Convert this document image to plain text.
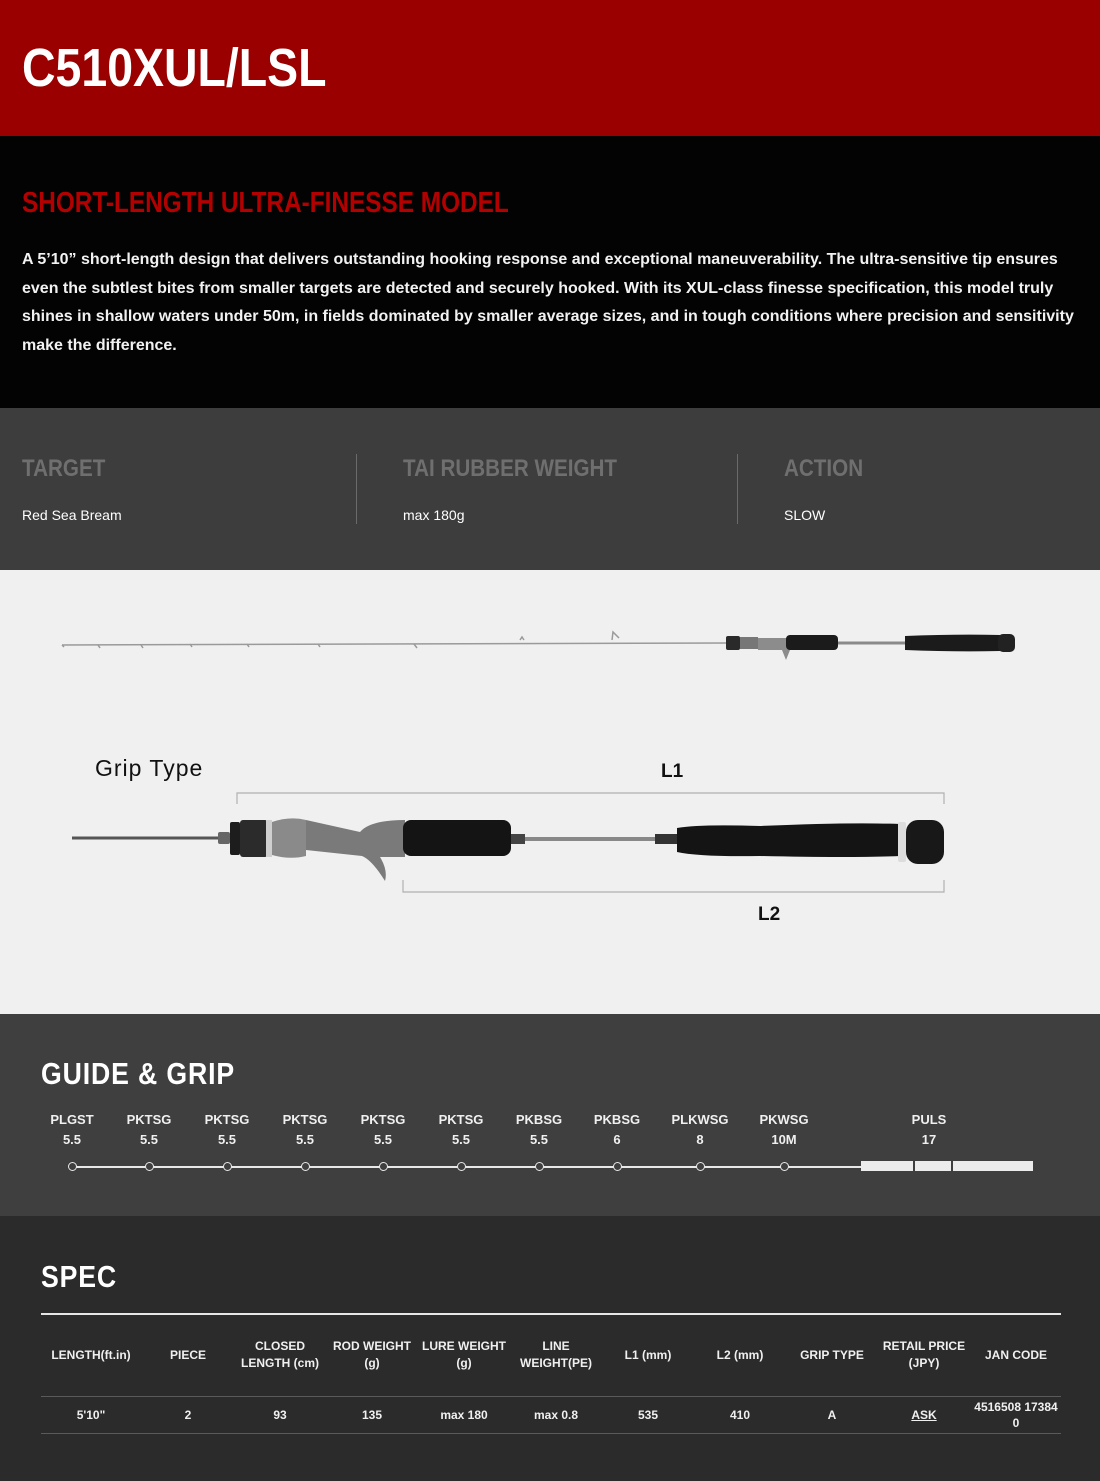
C510XUL/LSL
SHORT-LENGTH ULTRA-FINESSE MODEL

A 5’10” short-length design that delivers outstanding hooking response and exceptional maneuverability. The ultra-sensitive tip ensures even the subtlest bites from smaller targets are detected and securely hooked. With its XUL-class finesse specification, this model truly shines in shallow waters under 50m, in fields dominated by smaller average sizes, and in tough conditions where precision and sensitivity make the difference.

TARGET
Red Sea Bream
TAI RUBBER WEIGHT
max 180g
ACTION
SLOW
Grip Type	L1
L2
GUIDE & GRIP
PLGST
5.5
PKTSG
5.5
PKTSG
5.5
PKTSG
5.5
PKTSG
5.5
PKTSG
5.5
PKBSG
5.5
PKBSG
6
PLKWSG
8
PKWSG
10M
PULS
17
SPEC
LENGTH(ft.in)	PIECE	CLOSED LENGTH (cm)	ROD WEIGHT (g)	LURE WEIGHT (g)	LINE WEIGHT(PE)	L1 (mm)	L2 (mm)	GRIP TYPE	RETAIL PRICE (JPY)	JAN CODE
5'10"	2	93	135	max 180	max 0.8	535	410	A	ASK	4516508 17384 0
